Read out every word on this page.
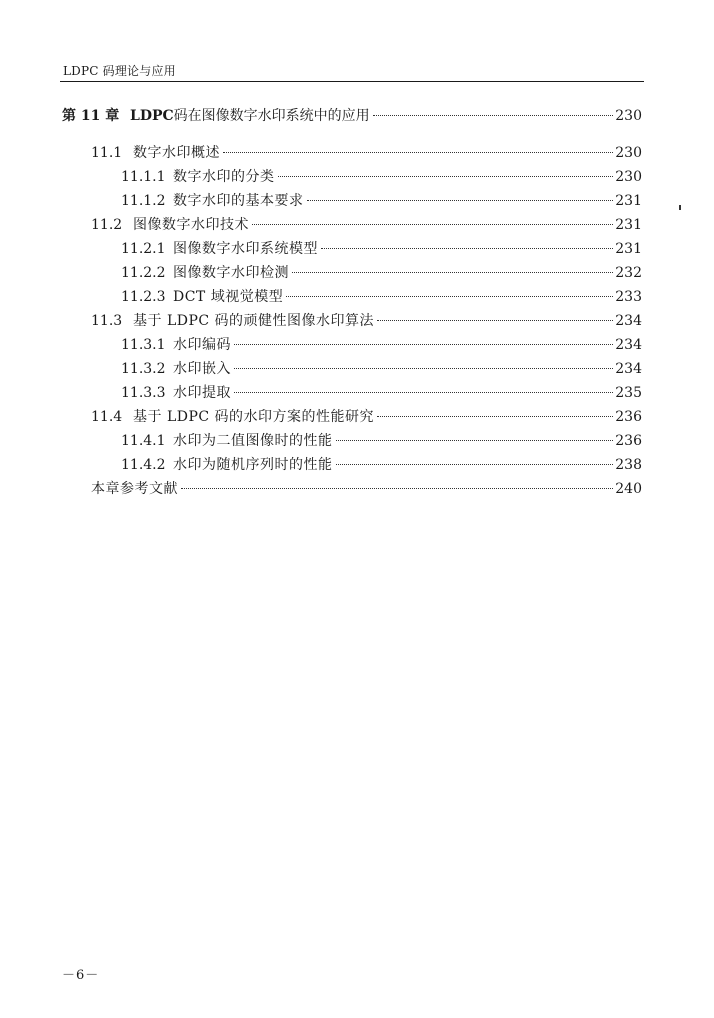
LDPC 码理论与应用
第 11 章 LDPC码在图像数字水印系统中的应用	230
11.1 数字水印概述	230
11.1.1 数字水印的分类	230
11.1.2 数字水印的基本要求	231
11.2 图像数字水印技术	231
11.2.1 图像数字水印系统模型	231
11.2.2 图像数字水印检测	232
11.2.3 DCT 域视觉模型	233
11.3 基于 LDPC 码的顽健性图像水印算法	234
11.3.1 水印编码	234
11.3.2 水印嵌入	234
11.3.3 水印提取	235
11.4 基于 LDPC 码的水印方案的性能研究	236
11.4.1 水印为二值图像时的性能	236
11.4.2 水印为随机序列时的性能	238
本章参考文献	240
－6－
